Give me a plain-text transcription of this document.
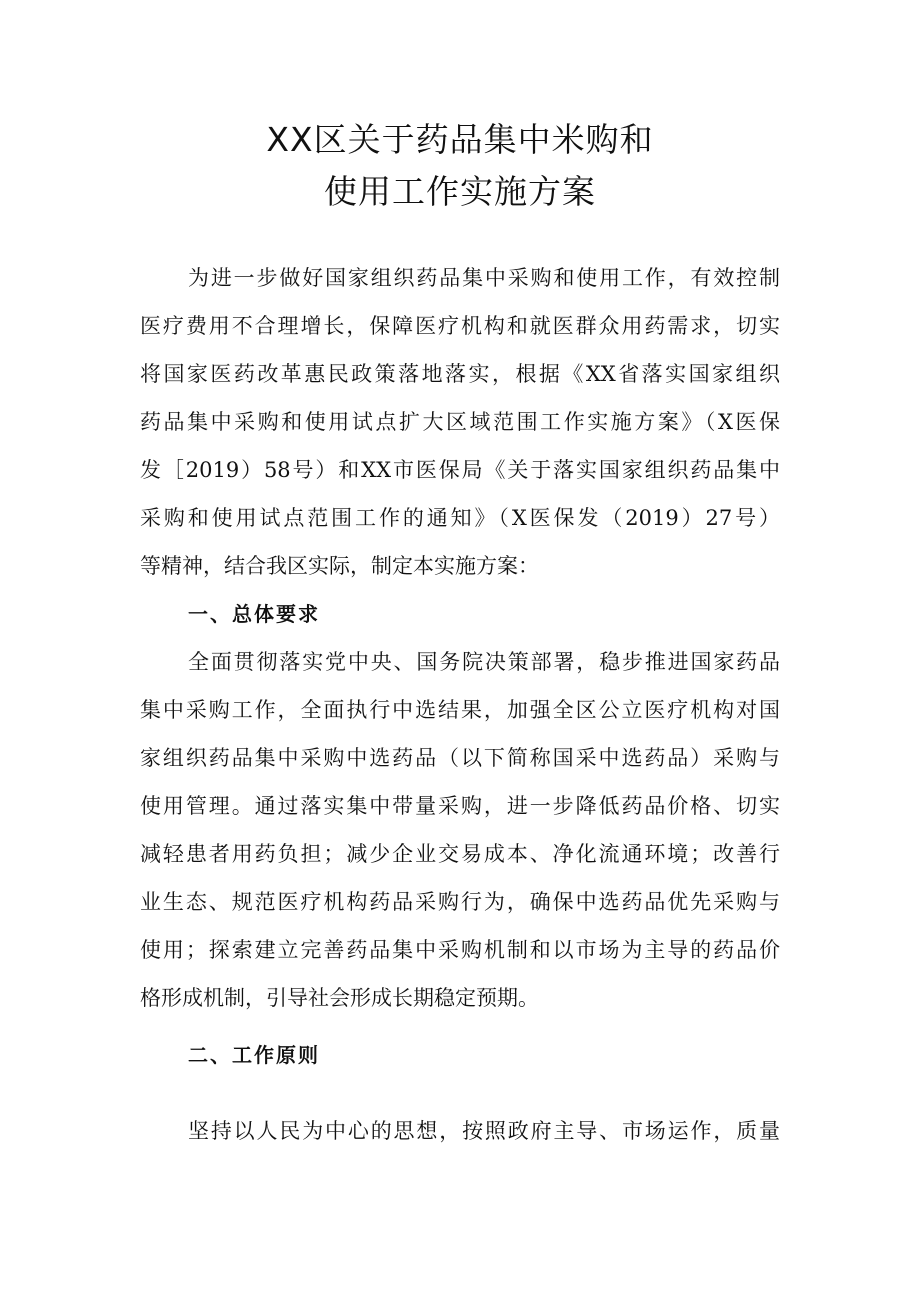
XX区关于药品集中米购和
使用工作实施方案
为进一步做好国家组织药品集中采购和使用工作，有效控制
医疗费用不合理增长，保障医疗机构和就医群众用药需求，切实
将国家医药改革惠民政策落地落实，根据《XX省落实国家组织
药品集中采购和使用试点扩大区域范围工作实施方案》（X医保
发［2019）58号）和XX市医保局《关于落实国家组织药品集中
采购和使用试点范围工作的通知》（X医保发（2019）27号）
等精神，结合我区实际，制定本实施方案：
一、总体要求
全面贯彻落实党中央、国务院决策部署，稳步推进国家药品
集中采购工作，全面执行中选结果，加强全区公立医疗机构对国
家组织药品集中采购中选药品（以下简称国采中选药品）采购与
使用管理。通过落实集中带量采购，进一步降低药品价格、切实
减轻患者用药负担；减少企业交易成本、净化流通环境；改善行
业生态、规范医疗机构药品采购行为，确保中选药品优先采购与
使用；探索建立完善药品集中采购机制和以市场为主导的药品价
格形成机制，引导社会形成长期稳定预期。
二、工作原则
坚持以人民为中心的思想，按照政府主导、市场运作，质量
